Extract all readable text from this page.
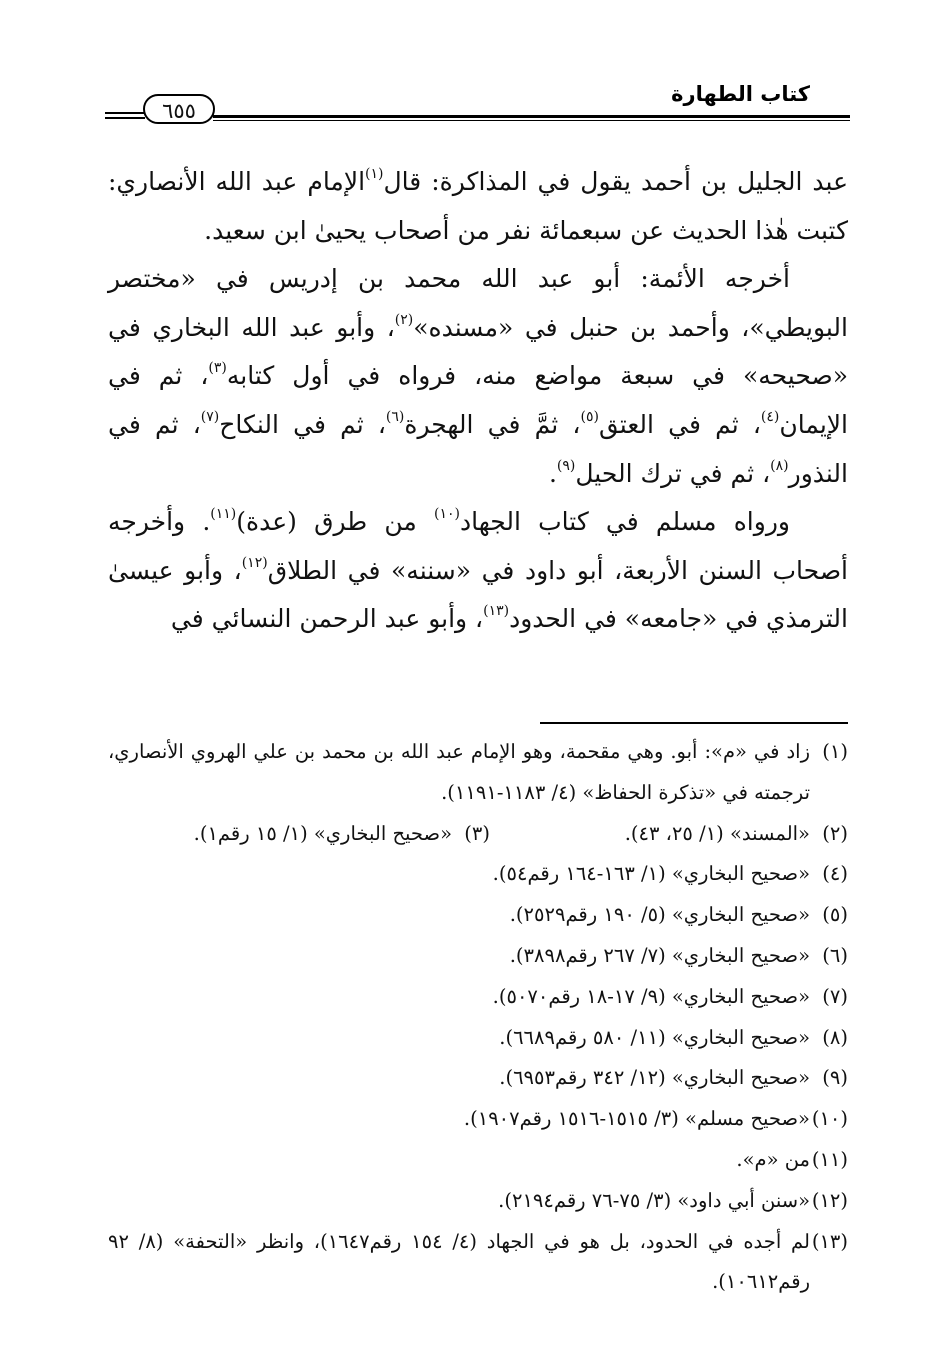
٦٥٥
كتاب الطهارة

عبد الجليل بن أحمد يقول في المذاكرة: قال$^{(١)}$الإمام عبد الله الأنصاري: كتبت هٰذا الحديث عن سبعمائة نفر من أصحاب يحيىٰ ابن سعيد.

أخرجه الأئمة: أبو عبد الله محمد بن إدريس في «مختصر البويطي»، وأحمد بن حنبل في «مسنده»$^{(٢)}$، وأبو عبد الله البخاري في «صحيحه» في سبعة مواضع منه، فرواه في أول كتابه$^{(٣)}$، ثم في الإيمان$^{(٤)}$، ثم في العتق$^{(٥)}$، ثمَّ في الهجرة$^{(٦)}$، ثم في النكاح$^{(٧)}$، ثم في النذور$^{(٨)}$، ثم في ترك الحيل$^{(٩)}$.

ورواه مسلم في كتاب الجهاد$^{(١٠)}$ من طرق (عدة)$^{(١١)}$. وأخرجه أصحاب السنن الأربعة، أبو داود في «سننه» في الطلاق$^{(١٢)}$، وأبو عيسىٰ الترمذي في «جامعه» في الحدود$^{(١٣)}$، وأبو عبد الرحمن النسائي في

(١)
زاد في «م»: أبو. وهي مقحمة، وهو الإمام عبد الله بن محمد بن علي الهروي الأنصاري، ترجمته في «تذكرة الحفاظ» (٤/ ١١٨٣-١١٩١).
(٢)
«المسند» (١/ ٢٥، ٤٣).
(٣)
«صحيح البخاري» (١/ ١٥ رقم١).
(٤)
«صحيح البخاري» (١/ ١٦٣-١٦٤ رقم٥٤).
(٥)
«صحيح البخاري» (٥/ ١٩٠ رقم٢٥٢٩).
(٦)
«صحيح البخاري» (٧/ ٢٦٧ رقم٣٨٩٨).
(٧)
«صحيح البخاري» (٩/ ١٧-١٨ رقم٥٠٧٠).
(٨)
«صحيح البخاري» (١١/ ٥٨٠ رقم٦٦٨٩).
(٩)
«صحيح البخاري» (١٢/ ٣٤٢ رقم٦٩٥٣).
(١٠)
«صحيح مسلم» (٣/ ١٥١٥-١٥١٦ رقم١٩٠٧).
(١١)
من «م».
(١٢)
«سنن أبي داود» (٣/ ٧٥-٧٦ رقم٢١٩٤).
(١٣)
لم أجده في الحدود، بل هو في الجهاد (٤/ ١٥٤ رقم١٦٤٧)، وانظر «التحفة» (٨/ ٩٢ رقم١٠٦١٢).
